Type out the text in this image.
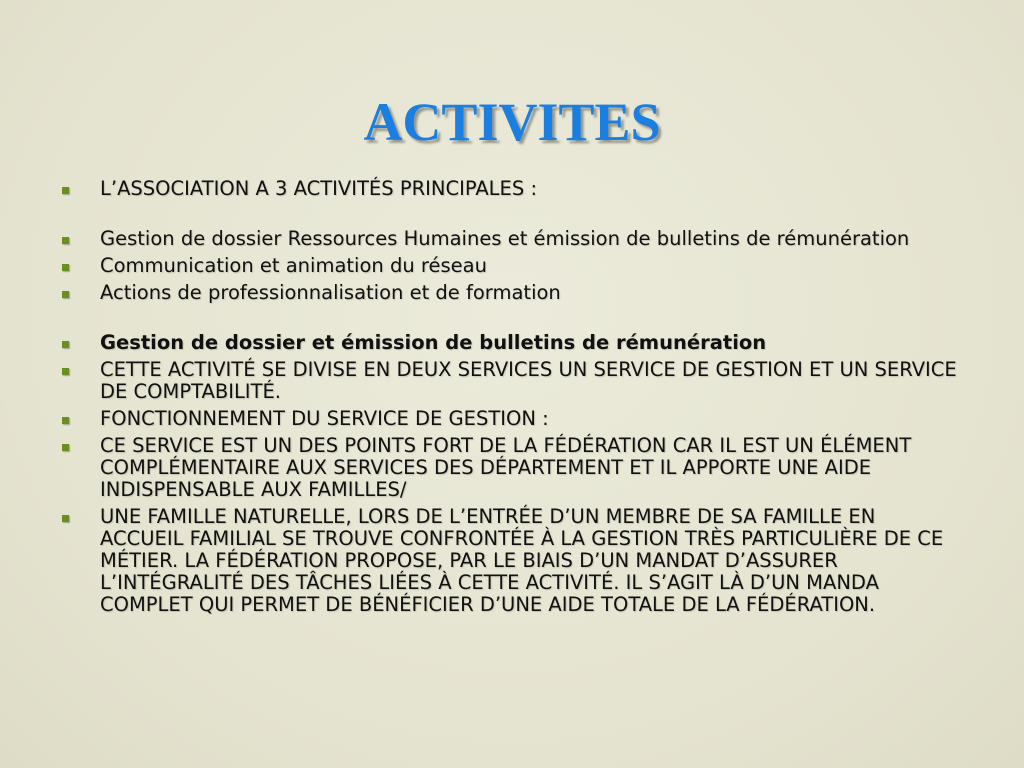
ACTIVITES
L’ASSOCIATION A 3 ACTIVITÉS PRINCIPALES :
Gestion de dossier Ressources Humaines et émission de bulletins de rémunération
Communication et animation du réseau
Actions de professionnalisation et de formation
Gestion de dossier et émission de bulletins de rémunération
CETTE ACTIVITÉ SE DIVISE EN DEUX SERVICES UN SERVICE DE GESTION ET UN SERVICE DE COMPTABILITÉ.
FONCTIONNEMENT DU SERVICE DE GESTION :
CE SERVICE EST UN DES POINTS FORT DE LA FÉDÉRATION CAR IL EST UN ÉLÉMENT COMPLÉMENTAIRE AUX SERVICES DES DÉPARTEMENT ET IL APPORTE UNE AIDE INDISPENSABLE AUX FAMILLES/
UNE FAMILLE NATURELLE, LORS DE L’ENTRÉE D’UN MEMBRE DE SA FAMILLE EN ACCUEIL FAMILIAL SE TROUVE CONFRONTÉE À LA GESTION TRÈS PARTICULIÈRE DE CE MÉTIER. LA FÉDÉRATION PROPOSE, PAR LE BIAIS D’UN MANDAT D’ASSURER L’INTÉGRALITÉ DES TÂCHES LIÉES À CETTE ACTIVITÉ. IL S’AGIT LÀ D’UN MANDA COMPLET QUI PERMET DE BÉNÉFICIER D’UNE AIDE TOTALE DE LA FÉDÉRATION.
